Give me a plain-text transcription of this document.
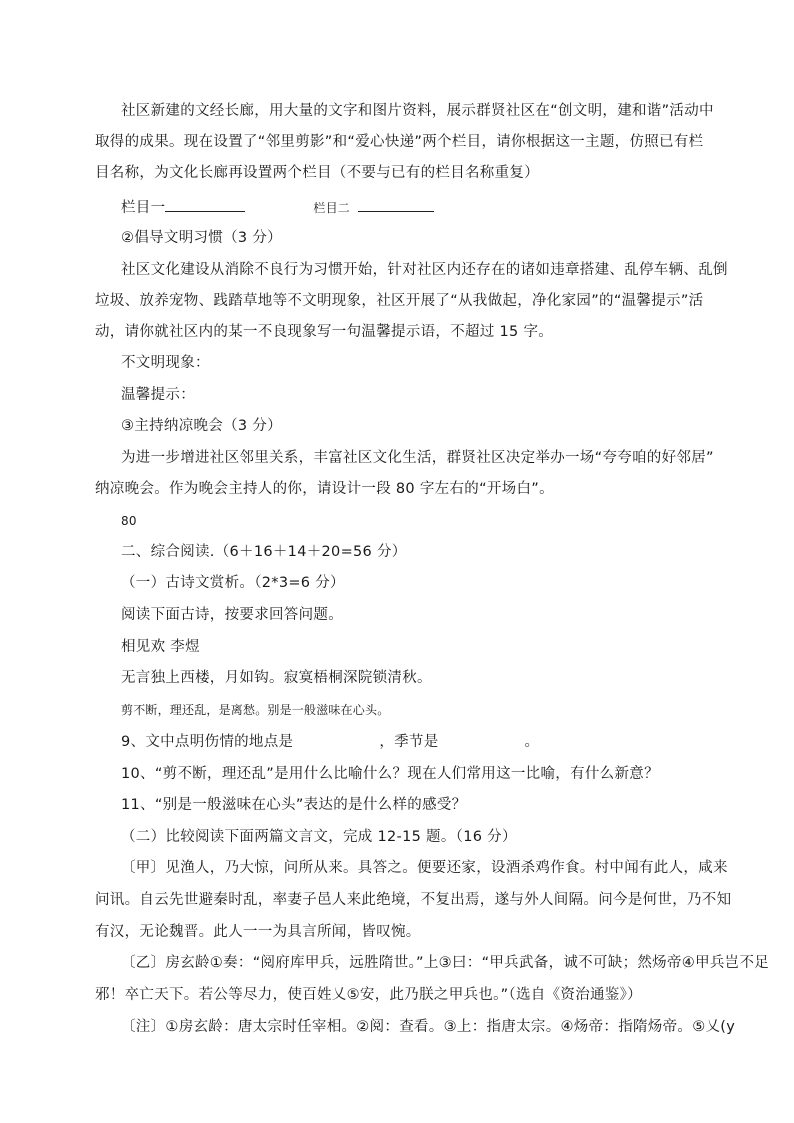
社区新建的文经长廊，用大量的文字和图片资料，展示群贤社区在“创文明，建和谐”活动中
取得的成果。现在设置了“邻里剪影”和“爱心快递”两个栏目，请你根据这一主题，仿照已有栏
目名称，为文化长廊再设置两个栏目（不要与已有的栏目名称重复）
栏目一	栏目二
②倡导文明习惯（3 分）
社区文化建设从消除不良行为习惯开始，针对社区内还存在的诸如违章搭建、乱停车辆、乱倒
垃圾、放养宠物、践踏草地等不文明现象，社区开展了“从我做起，净化家园”的“温馨提示”活
动，请你就社区内的某一不良现象写一句温馨提示语，不超过 15 字。
不文明现象：
温馨提示：
③主持纳凉晚会（3 分）
为进一步增进社区邻里关系，丰富社区文化生活，群贤社区决定举办一场“夸夸咱的好邻居”
纳凉晚会。作为晚会主持人的你，请设计一段 80 字左右的“开场白”。
80
二、综合阅读.（6＋16＋14＋20=56 分）
（一）古诗文赏析。（2*3=6 分）
阅读下面古诗，按要求回答问题。
相见欢 李煜
无言独上西楼，月如钩。寂寞梧桐深院锁清秋。
剪不断，理还乱，是离愁。别是一般滋味在心头。
9、文中点明伤情的地点是	，季节是	。
10、“剪不断，理还乱”是用什么比喻什么？现在人们常用这一比喻，有什么新意？
11、“别是一般滋味在心头”表达的是什么样的感受？
（二）比较阅读下面两篇文言文，完成 12-15 题。（16 分）
〔甲〕见渔人，乃大惊，问所从来。具答之。便要还家，设酒杀鸡作食。村中闻有此人，咸来
问讯。自云先世避秦时乱，率妻子邑人来此绝境，不复出焉，遂与外人间隔。问今是何世，乃不知
有汉，无论魏晋。此人一一为具言所闻，皆叹惋。
〔乙〕房玄龄①奏：“阅府库甲兵，远胜隋世。”上③曰：“甲兵武备，诚不可缺；然炀帝④甲兵岂不足
邪！卒亡天下。若公等尽力，使百姓乂⑤安，此乃朕之甲兵也。”（选自《资治通鉴》）
〔注〕①房玄龄：唐太宗时任宰相。②阅：查看。③上：指唐太宗。④炀帝：指隋炀帝。⑤乂(у
